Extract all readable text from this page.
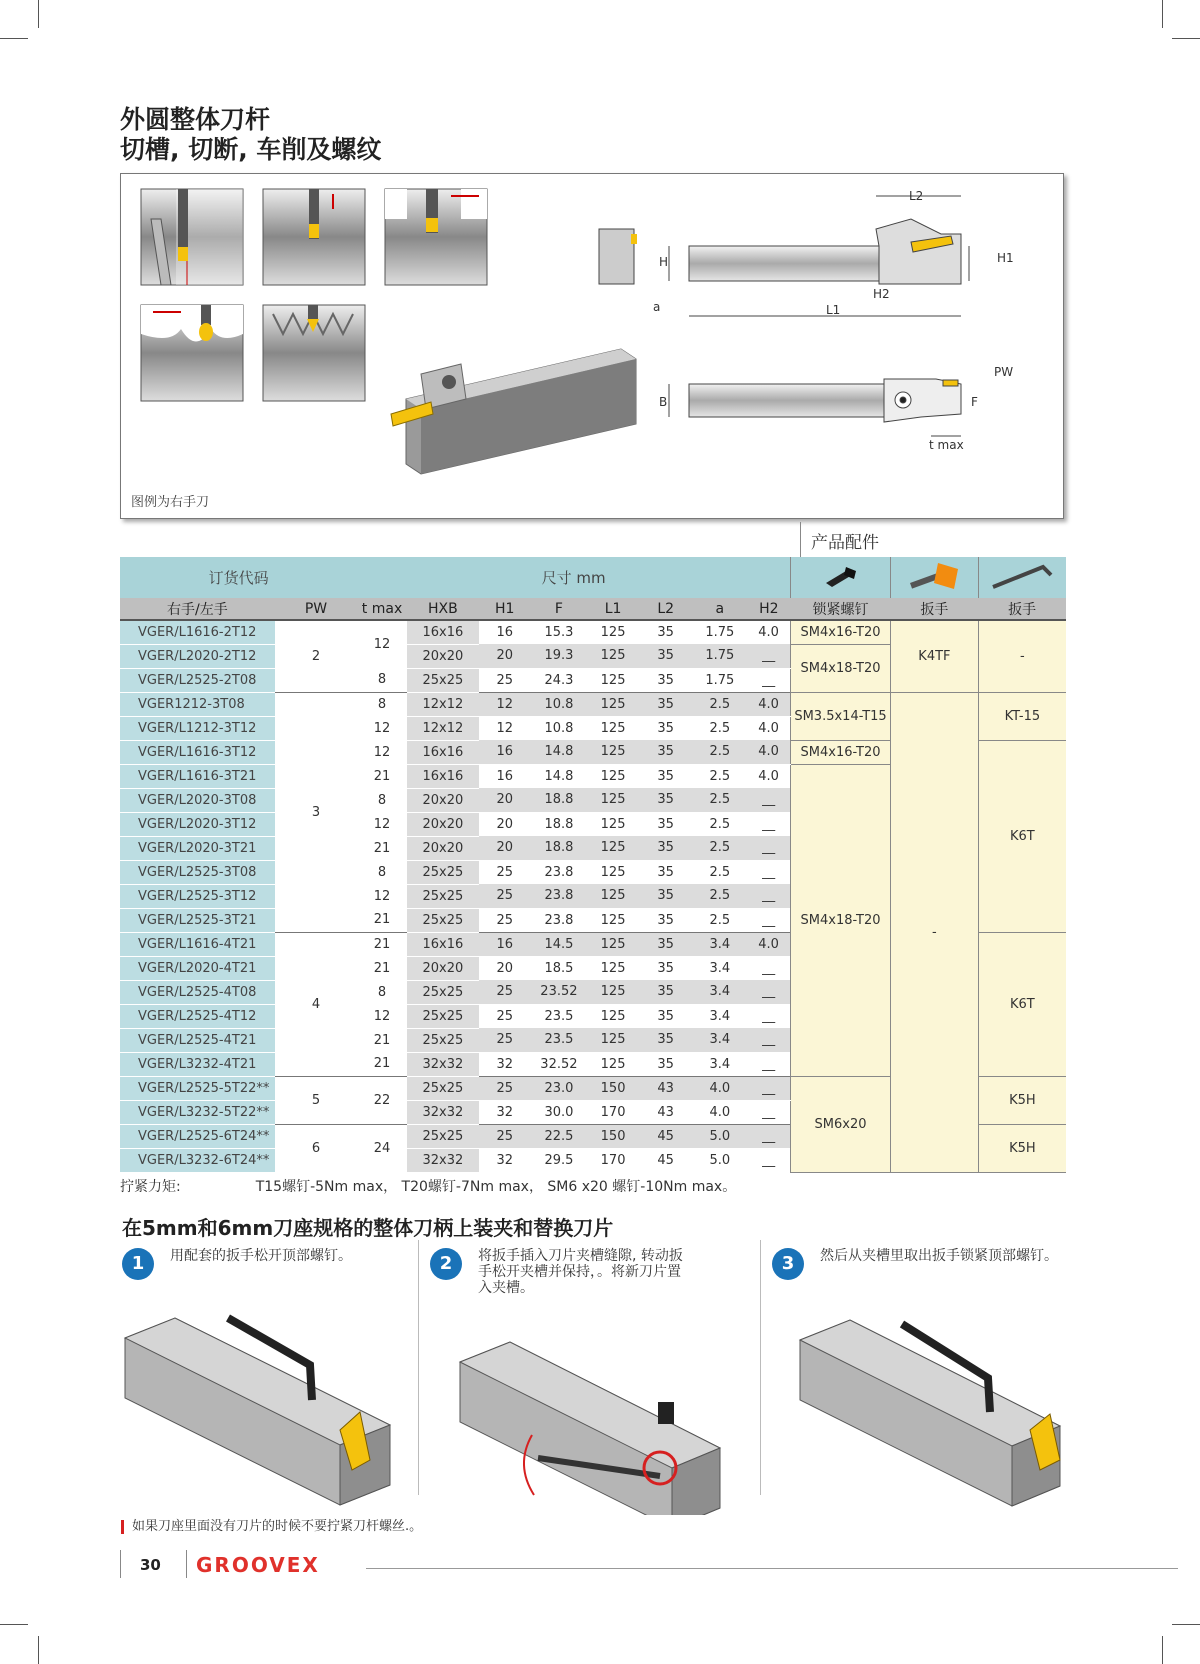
外圆整体刀杆
切槽, 切断, 车削及螺纹
L2
H	H1
H2
L1
a
PW
B	F
t max
图例为右手刀
产品配件
订货代码		尺寸 mm			
右手/左手	PW	t max	HXB	H1	F	L1	L2	a	H2	锁紧螺钉	扳手	扳手
VGER/L1616-2T12	2	12	16x16	16	15.3	125	35	1.75	4.0	SM4x16-T20	K4TF	-
VGER/L2020-2T12			20x20	20	19.3	125	35	1.75	__	SM4x18-T20		
VGER/L2525-2T08		8	25x25	25	24.3	125	35	1.75	__			
VGER1212-3T08	3	8	12x12	12	10.8	125	35	2.5	4.0	SM3.5x14-T15	-	KT-15
VGER/L1212-3T12		12	12x12	12	10.8	125	35	2.5	4.0			
VGER/L1616-3T12		12	16x16	16	14.8	125	35	2.5	4.0	SM4x16-T20		K6T
VGER/L1616-3T21		21	16x16	16	14.8	125	35	2.5	4.0	SM4x18-T20		
VGER/L2020-3T08		8	20x20	20	18.8	125	35	2.5	__			
VGER/L2020-3T12		12	20x20	20	18.8	125	35	2.5	__			
VGER/L2020-3T21		21	20x20	20	18.8	125	35	2.5	__			
VGER/L2525-3T08		8	25x25	25	23.8	125	35	2.5	__			
VGER/L2525-3T12		12	25x25	25	23.8	125	35	2.5	__			
VGER/L2525-3T21		21	25x25	25	23.8	125	35	2.5	__			
VGER/L1616-4T21	4	21	16x16	16	14.5	125	35	3.4	4.0			K6T
VGER/L2020-4T21		21	20x20	20	18.5	125	35	3.4	__			
VGER/L2525-4T08		8	25x25	25	23.52	125	35	3.4	__			
VGER/L2525-4T12		12	25x25	25	23.5	125	35	3.4	__			
VGER/L2525-4T21		21	25x25	25	23.5	125	35	3.4	__			
VGER/L3232-4T21		21	32x32	32	32.52	125	35	3.4	__			
VGER/L2525-5T22**	5	22	25x25	25	23.0	150	43	4.0	__	SM6x20		K5H
VGER/L3232-5T22**			32x32	32	30.0	170	43	4.0	__			
VGER/L2525-6T24**	6	24	25x25	25	22.5	150	45	5.0	__			K5H
VGER/L3232-6T24**			32x32	32	29.5	170	45	5.0	__			
拧紧力矩:	T15螺钉-5Nm max， T20螺钉-7Nm max， SM6 x20 螺钉-10Nm max。
在5mm和6mm刀座规格的整体刀柄上装夹和替换刀片
1	用配套的扳手松开顶部螺钉。	2	将扳手插入刀片夹槽缝隙, 转动扳手松开夹槽并保持，。将新刀片置入夹槽。
3	然后从夹槽里取出扳手锁紧顶部螺钉。
如果刀座里面没有刀片的时候不要拧紧刀杆螺丝.。
30 GROOVEX
